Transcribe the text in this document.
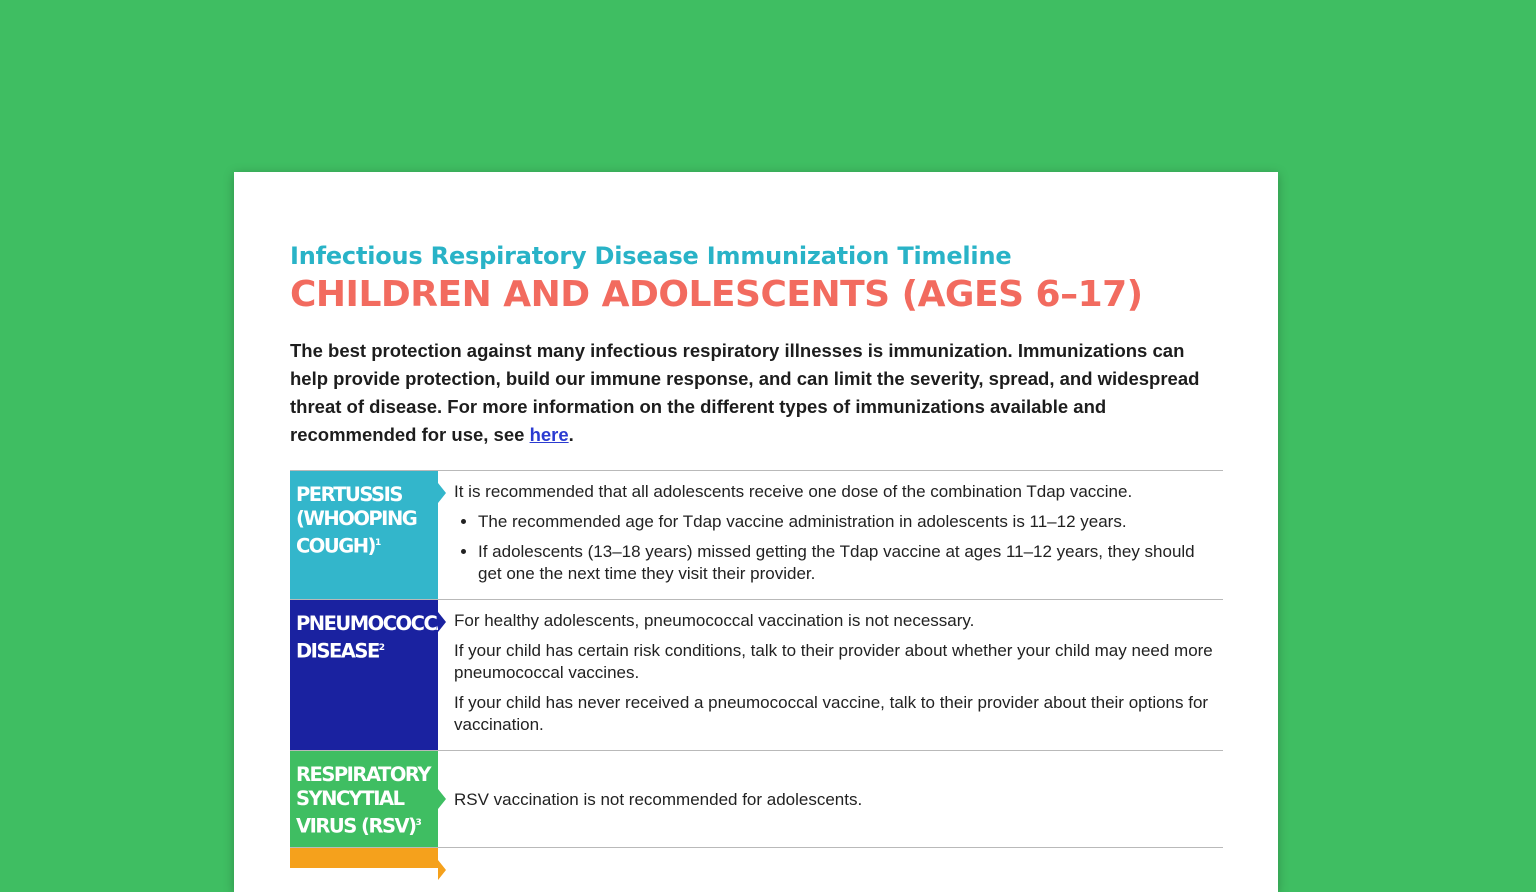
Infectious Respiratory Disease Immunization Timeline
CHILDREN AND ADOLESCENTS (AGES 6–17)
The best protection against many infectious respiratory illnesses is immunization. Immunizations can help provide protection, build our immune response, and can limit the severity, spread, and widespread threat of disease. For more information on the different types of immunizations available and recommended for use, see here.
PERTUSSIS (WHOOPING COUGH)$^1$

It is recommended that all adolescents receive one dose of the combination Tdap vaccine.

• The recommended age for Tdap vaccine administration in adolescents is 11–12 years.
• If adolescents (13–18 years) missed getting the Tdap vaccine at ages 11–12 years, they should get one the next time they visit their provider.
PNEUMOCOCCAL DISEASE$^2$

For healthy adolescents, pneumococcal vaccination is not necessary.

If your child has certain risk conditions, talk to their provider about whether your child may need more pneumococcal vaccines.

If your child has never received a pneumococcal vaccine, talk to their provider about their options for vaccination.

RESPIRATORY SYNCYTIAL VIRUS (RSV)$^3$

RSV vaccination is not recommended for adolescents.
